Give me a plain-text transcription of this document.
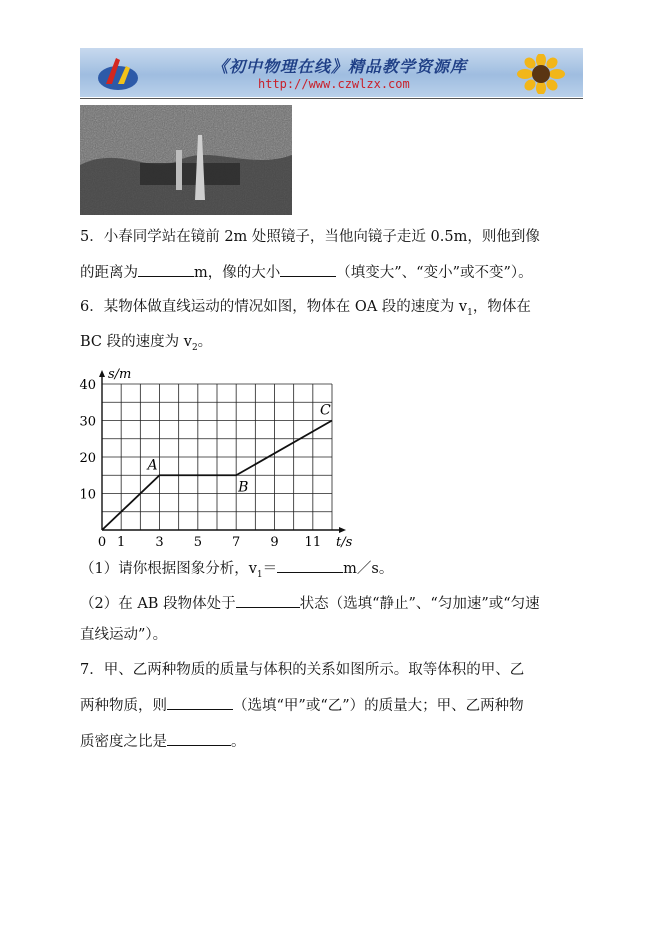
《初中物理在线》精品教学资源库
http://www.czwlzx.com
5．小春同学站在镜前 2m 处照镜子，当他向镜子走近 0.5m，则他到像
的距离为	m，像的大小	（填变大”、“变小”或不变”）。
6．某物体做直线运动的情况如图，物体在 OA 段的速度为 $v_1$，物体在
BC 段的速度为 $v_2$。
0 1 3 5 7 9 11
10
20
30
40
t/s
s/m
A
B
C
（1）请你根据图象分析，$v_1=$	m／s。
（2）在 AB 段物体处于	状态（选填“静止”、“匀加速”或“匀速
直线运动”）。
7．甲、乙两种物质的质量与体积的关系如图所示。取等体积的甲、乙
两种物质，则	（选填“甲”或“乙”）的质量大；甲、乙两种物
质密度之比是	。
